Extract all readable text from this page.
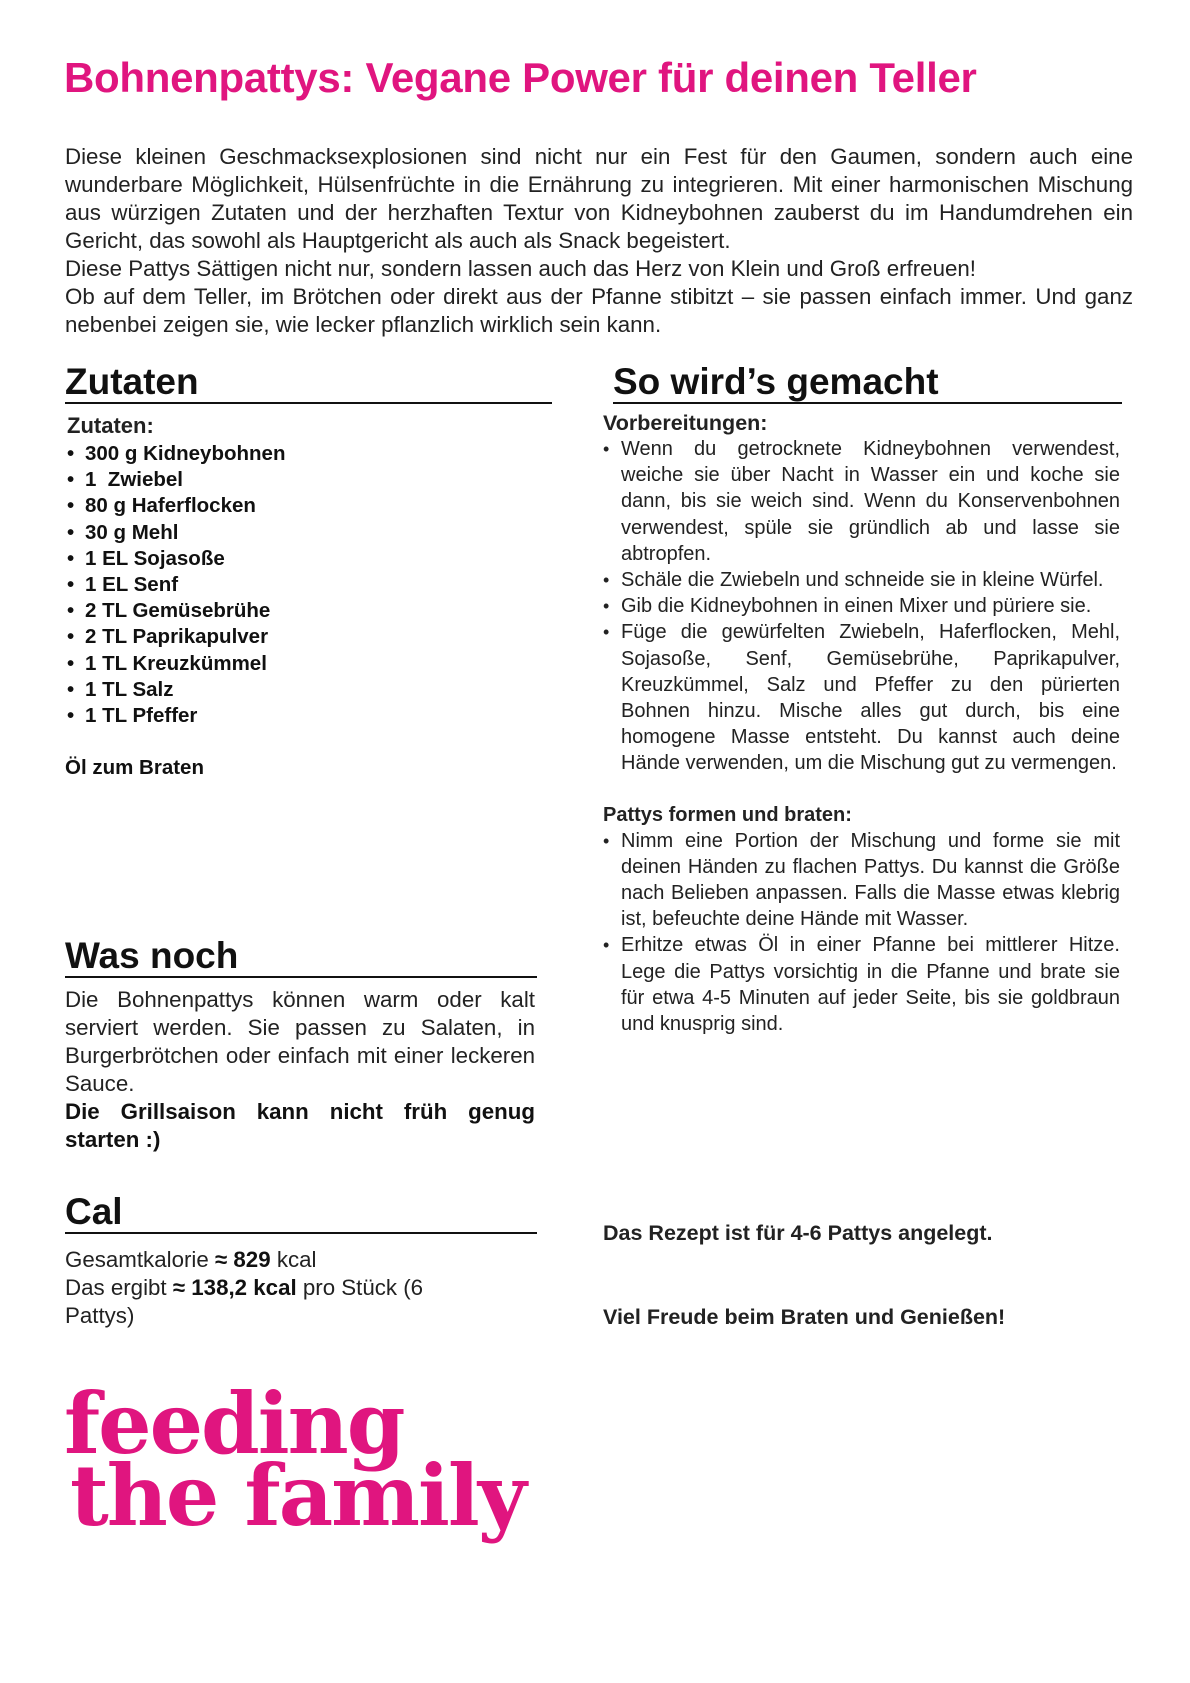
Bohnenpattys: Vegane Power für deinen Teller

Diese kleinen Geschmacksexplosionen sind nicht nur ein Fest für den Gaumen, sondern auch eine wunderbare Möglichkeit, Hülsenfrüchte in die Ernährung zu integrieren. Mit einer harmonischen Mischung aus würzigen Zutaten und der herzhaften Textur von Kidneybohnen zauberst du im Handumdrehen ein Gericht, das sowohl als Hauptgericht als auch als Snack begeistert.

Diese Pattys Sättigen nicht nur, sondern lassen auch das Herz von Klein und Groß erfreuen!

Ob auf dem Teller, im Brötchen oder direkt aus der Pfanne stibitzt – sie passen einfach immer. Und ganz nebenbei zeigen sie, wie lecker pflanzlich wirklich sein kann.

Zutaten
Zutaten:
• 300 g Kidneybohnen
• 1  Zwiebel
• 80 g Haferflocken
• 30 g Mehl
• 1 EL Sojasoße
• 1 EL Senf
• 2 TL Gemüsebrühe
• 2 TL Paprikapulver
• 1 TL Kreuzkümmel
• 1 TL Salz
• 1 TL Pfeffer
Öl zum Braten
So wird’s gemacht
Vorbereitungen:
• Wenn du getrocknete Kidneybohnen verwendest, weiche sie über Nacht in Wasser ein und koche sie dann, bis sie weich sind. Wenn du Konservenbohnen verwendest, spüle sie gründlich ab und lasse sie abtropfen.
• Schäle die Zwiebeln und schneide sie in kleine Würfel.
• Gib die Kidneybohnen in einen Mixer und püriere sie.
• Füge die gewürfelten Zwiebeln, Haferflocken, Mehl, Sojasoße, Senf, Gemüsebrühe, Paprikapulver, Kreuzkümmel, Salz und Pfeffer zu den pürierten Bohnen hinzu. Mische alles gut durch, bis eine homogene Masse entsteht. Du kannst auch deine Hände verwenden, um die Mischung gut zu vermengen.
Pattys formen und braten:
• Nimm eine Portion der Mischung und forme sie mit deinen Händen zu flachen Pattys. Du kannst die Größe nach Belieben anpassen. Falls die Masse etwas klebrig ist, befeuchte deine Hände mit Wasser.
• Erhitze etwas Öl in einer Pfanne bei mittlerer Hitze. Lege die Pattys vorsichtig in die Pfanne und brate sie für etwa 4-5 Minuten auf jeder Seite, bis sie goldbraun und knusprig sind.
Was noch

Die Bohnenpattys können warm oder kalt serviert werden. Sie passen zu Salaten, in Burgerbrötchen oder einfach mit einer leckeren Sauce.

Die Grillsaison kann nicht früh genug starten :)

Cal

Gesamtkalorie ≈ 829 kcal

Das ergibt ≈ 138,2 kcal pro Stück (6 Pattys)

Das Rezept ist für 4-6 Pattys angelegt.

Viel Freude beim Braten und Genießen!

feeding
the family
